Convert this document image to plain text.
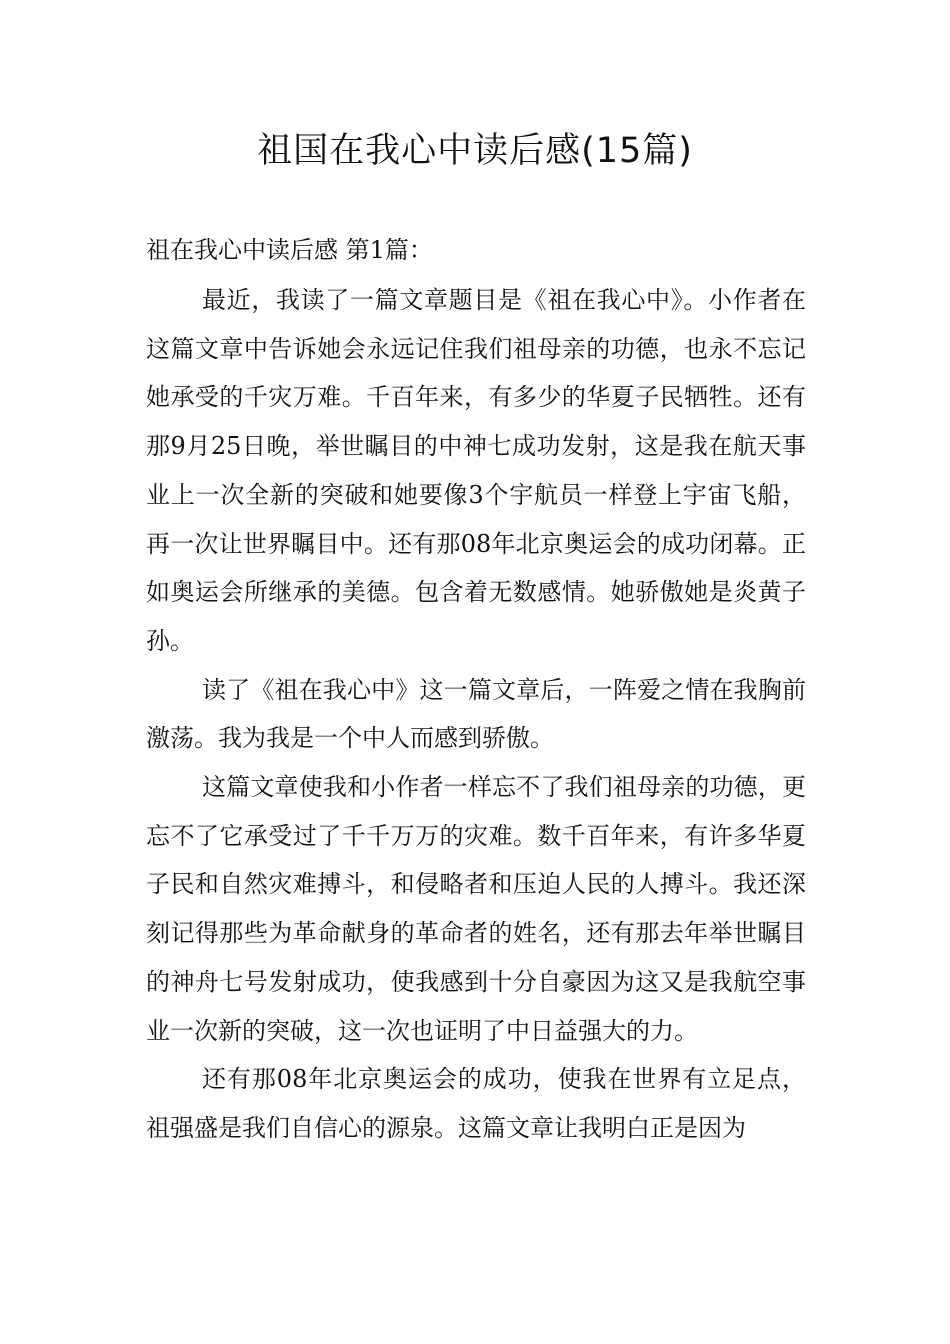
祖国在我心中读后感(15篇)
祖在我心中读后感 第1篇：

最近，我读了一篇文章题目是《祖在我心中》。小作者在这篇文章中告诉她会永远记住我们祖母亲的功德，也永不忘记她承受的千灾万难。千百年来，有多少的华夏子民牺牲。还有那9月25日晚，举世瞩目的中神七成功发射，这是我在航天事业上一次全新的突破和她要像3个宇航员一样登上宇宙飞船，再一次让世界瞩目中。还有那08年北京奥运会的成功闭幕。正如奥运会所继承的美德。包含着无数感情。她骄傲她是炎黄子孙。

读了《祖在我心中》这一篇文章后，一阵爱之情在我胸前激荡。我为我是一个中人而感到骄傲。

这篇文章使我和小作者一样忘不了我们祖母亲的功德，更忘不了它承受过了千千万万的灾难。数千百年来，有许多华夏子民和自然灾难搏斗，和侵略者和压迫人民的人搏斗。我还深刻记得那些为革命献身的革命者的姓名，还有那去年举世瞩目的神舟七号发射成功，使我感到十分自豪因为这又是我航空事业一次新的突破，这一次也证明了中日益强大的力。

还有那08年北京奥运会的成功，使我在世界有立足点，祖强盛是我们自信心的源泉。这篇文章让我明白正是因为
